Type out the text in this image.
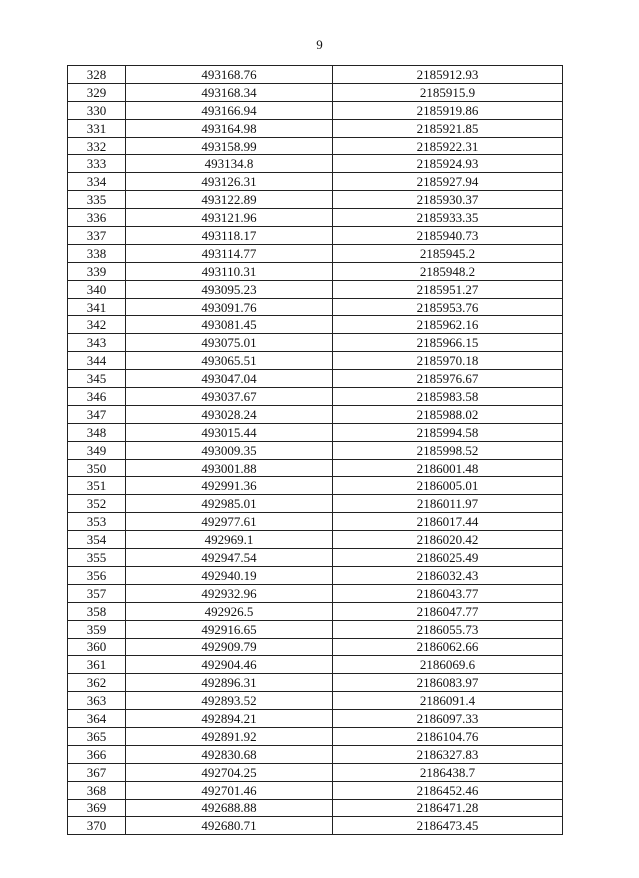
9
328	493168.76	2185912.93
329	493168.34	2185915.9
330	493166.94	2185919.86
331	493164.98	2185921.85
332	493158.99	2185922.31
333	493134.8	2185924.93
334	493126.31	2185927.94
335	493122.89	2185930.37
336	493121.96	2185933.35
337	493118.17	2185940.73
338	493114.77	2185945.2
339	493110.31	2185948.2
340	493095.23	2185951.27
341	493091.76	2185953.76
342	493081.45	2185962.16
343	493075.01	2185966.15
344	493065.51	2185970.18
345	493047.04	2185976.67
346	493037.67	2185983.58
347	493028.24	2185988.02
348	493015.44	2185994.58
349	493009.35	2185998.52
350	493001.88	2186001.48
351	492991.36	2186005.01
352	492985.01	2186011.97
353	492977.61	2186017.44
354	492969.1	2186020.42
355	492947.54	2186025.49
356	492940.19	2186032.43
357	492932.96	2186043.77
358	492926.5	2186047.77
359	492916.65	2186055.73
360	492909.79	2186062.66
361	492904.46	2186069.6
362	492896.31	2186083.97
363	492893.52	2186091.4
364	492894.21	2186097.33
365	492891.92	2186104.76
366	492830.68	2186327.83
367	492704.25	2186438.7
368	492701.46	2186452.46
369	492688.88	2186471.28
370	492680.71	2186473.45
